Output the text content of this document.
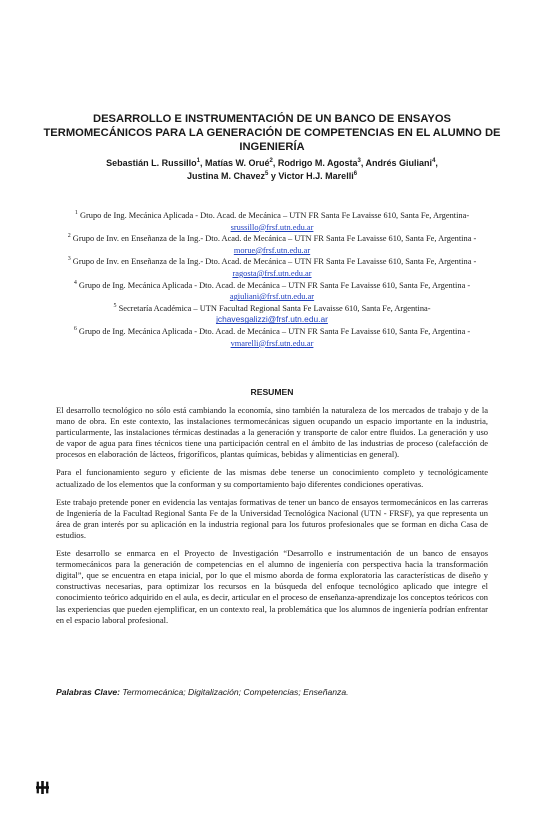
DESARROLLO E INSTRUMENTACIÓN DE UN BANCO DE ENSAYOS TERMOMECÁNICOS PARA LA GENERACIÓN DE COMPETENCIAS EN EL ALUMNO DE INGENIERÍA
Sebastián L. Russillo$^1$, Matías W. Orué$^2$, Rodrigo M. Agosta$^3$, Andrés Giuliani$^4$,
Justina M. Chavez$^5$ y Victor H.J. Marelli$^6$

$^1$ Grupo de Ing. Mecánica Aplicada - Dto. Acad. de Mecánica – UTN FR Santa Fe Lavaisse 610, Santa Fe, Argentina- srussillo@frsf.utn.edu.ar

$^2$ Grupo de Inv. en Enseñanza de la Ing.- Dto. Acad. de Mecánica – UTN FR Santa Fe Lavaisse 610, Santa Fe, Argentina - morue@frsf.utn.edu.ar

$^3$ Grupo de Inv. en Enseñanza de la Ing.- Dto. Acad. de Mecánica – UTN FR Santa Fe Lavaisse 610, Santa Fe, Argentina - ragosta@frsf.utn.edu.ar

$^4$ Grupo de Ing. Mecánica Aplicada - Dto. Acad. de Mecánica – UTN FR Santa Fe Lavaisse 610, Santa Fe, Argentina - agiuliani@frsf.utn.edu.ar

$^5$ Secretaría Académica – UTN Facultad Regional Santa Fe Lavaisse 610, Santa Fe, Argentina- jchavesgalizzi@frsf.utn.edu.ar

$^6$ Grupo de Ing. Mecánica Aplicada - Dto. Acad. de Mecánica – UTN FR Santa Fe Lavaisse 610, Santa Fe, Argentina - vmarelli@frsf.utn.edu.ar

RESUMEN

El desarrollo tecnológico no sólo está cambiando la economía, sino también la naturaleza de los mercados de trabajo y de la mano de obra. En este contexto, las instalaciones termomecánicas siguen ocupando un espacio importante en la industria, particularmente, las instalaciones térmicas destinadas a la generación y transporte de calor entre fluidos. La generación y uso de vapor de agua para fines técnicos tiene una participación central en el ámbito de las industrias de proceso (calefacción de procesos en elaboración de lácteos, frigoríficos, plantas químicas, bebidas y alimenticias en general).

Para el funcionamiento seguro y eficiente de las mismas debe tenerse un conocimiento completo y tecnológicamente actualizado de los elementos que la conforman y su comportamiento bajo diferentes condiciones operativas.

Este trabajo pretende poner en evidencia las ventajas formativas de tener un banco de ensayos termomecánicos en las carreras de Ingeniería de la Facultad Regional Santa Fe de la Universidad Tecnológica Nacional (UTN - FRSF), ya que representa un área de gran interés por su aplicación en la industria regional para los futuros profesionales que se forman en dicha Casa de estudios.

Este desarrollo se enmarca en el Proyecto de Investigación “Desarrollo e instrumentación de un banco de ensayos termomecánicos para la generación de competencias en el alumno de ingeniería con perspectiva hacia la transformación digital”, que se encuentra en etapa inicial, por lo que el mismo aborda de forma exploratoria las características de diseño y constructivas necesarias, para optimizar los recursos en la búsqueda del enfoque tecnológico aplicado que integre el conocimiento teórico adquirido en el aula, es decir, articular en el proceso de enseñanza-aprendizaje los conceptos teóricos con las experiencias que pueden ejemplificar, en un contexto real, la problemática que los alumnos de ingeniería podrían enfrentar en el espacio laboral profesional.

Palabras Clave: Termomecánica; Digitalización; Competencias; Enseñanza.
